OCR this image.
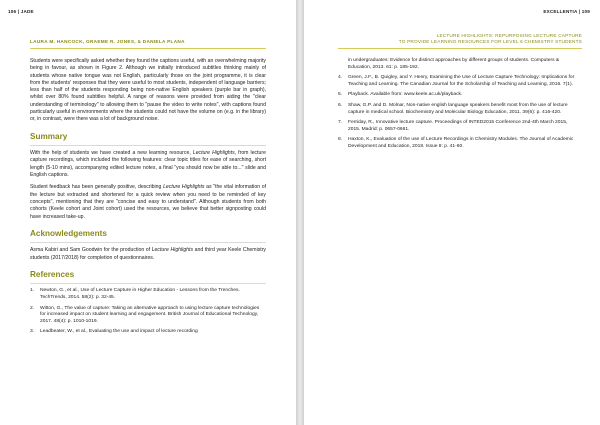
106 | JADE
LAURA M. HANCOCK, GRAEME R. JONES, & DANIELA PLANA

Students were specifically asked whether they found the captions useful, with an overwhelming majority being in favour, as shown in Figure 2. Although we initially introduced subtitles thinking mainly of students whose native tongue was not English, particularly those on the joint programme, it is clear from the students' responses that they were useful to most students, independent of language barriers; less than half of the students responding being non-native English speakers (purple bar in graph), whilst over 80% found subtitles helpful. A range of reasons were provided from aiding the "clear understanding of terminology" to allowing them to "pause the video to write notes", with captions found particularly useful in environments where the students could not have the volume on (e.g. in the library) or, in contrast, were there was a lot of background noise.

Summary

With the help of students we have created a new learning resource, Lecture Highlights, from lecture capture recordings, which included the following features: clear topic titles for ease of searching, short length (5-10 mins), accompanying edited lecture notes, a final "you should now be able to..." slide and English captions.

Student feedback has been generally positive, describing Lecture Highlights as "the vital information of the lecture but extracted and shortened for a quick review when you need to be reminded of key concepts", mentioning that they are "concise and easy to understand". Although students from both cohorts (Keele cohort and Joint cohort) used the resources, we believe that better signposting could have increased take-up.

Acknowledgements

Asma Kabiri and Sam Goodwin for the production of Lecture Highlights and third year Keele Chemistry students (2017/2018) for completion of questionnaires.

References
1.	Newton, G., et al., Use of Lecture Capture in Higher Education - Lessons from the Trenches. TechTrends, 2014. 58(2): p. 32-45.
2.	Witton, G., The value of capture: Taking an alternative approach to using lecture capture technologies for increased impact on student learning and engagement. British Journal of Educational Technology, 2017. 48(4): p. 1010-1019.
3.	Leadbeater, W., et al., Evaluating the use and impact of lecture recording
EXCELLENTIA | 109
LECTURE HIGHLIGHTS: REPURPOSING LECTURE CAPTURE
TO PROVIDE LEARNING RESOURCES FOR LEVEL 6 CHEMISTRY STUDENTS
in undergraduates: Evidence for distinct approaches by different groups of students. Computers & Education, 2013. 61: p. 185-192.
4.	Green, J.F., B. Quigley, and Y. Henry, Examining the Use of Lecture Capture Technology: Implications for Teaching and Learning. The Canadian Journal for the Scholarship of Teaching and Learning, 2016. 7(1).
5.	Playback. Available from: www.keele.ac.uk/playback.
6.	Shaw, G.P. and D. Molnar, Non-native english language speakers benefit most from the use of lecture capture in medical school. Biochemistry and Molecular Biology Education, 2011. 39(6): p. 416-420.
7.	Ferriday, R., Innovative lecture capture. Proceedings of INTED2015 Conference 2nd-4th March 2015, 2015. Madrid: p. 0657-0661.
8.	Haxton, K., Evaluation of the use of Lecture Recordings in Chemistry Modules. The Journal of Academic Development and Education, 2018. Issue 8: p. 41-60.
